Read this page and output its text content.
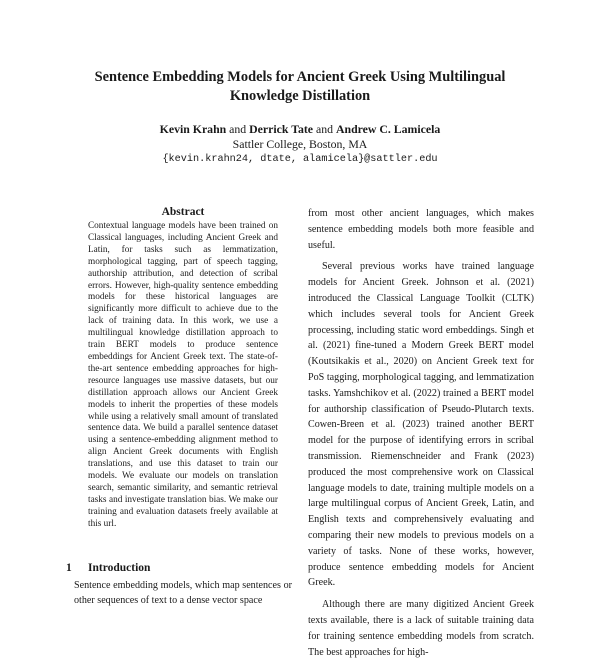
Sentence Embedding Models for Ancient Greek Using Multilingual
Knowledge Distillation
Kevin Krahn and Derrick Tate and Andrew C. Lamicela
Sattler College, Boston, MA
{kevin.krahn24, dtate, alamicela}@sattler.edu
Abstract

Contextual language models have been trained on Classical languages, including Ancient Greek and Latin, for tasks such as lemmatization, morphological tagging, part of speech tagging, authorship attribution, and detection of scribal errors. However, high-quality sentence embedding models for these historical languages are significantly more difficult to achieve due to the lack of training data. In this work, we use a multilingual knowledge distillation approach to train BERT models to produce sentence embeddings for Ancient Greek text. The state-of-the-art sentence embedding approaches for high-resource languages use massive datasets, but our distillation approach allows our Ancient Greek models to inherit the properties of these models while using a relatively small amount of translated sentence data. We build a parallel sentence dataset using a sentence-embedding alignment method to align Ancient Greek documents with English translations, and use this dataset to train our models. We evaluate our models on translation search, semantic similarity, and semantic retrieval tasks and investigate translation bias. We make our training and evaluation datasets freely available at this url.

1 Introduction

Sentence embedding models, which map sentences or other sequences of text to a dense vector space

from most other ancient languages, which makes sentence embedding models both more feasible and useful.

Several previous works have trained language models for Ancient Greek. Johnson et al. (2021) introduced the Classical Language Toolkit (CLTK) which includes several tools for Ancient Greek processing, including static word embeddings. Singh et al. (2021) fine-tuned a Modern Greek BERT model (Koutsikakis et al., 2020) on Ancient Greek text for PoS tagging, morphological tagging, and lemmatization tasks. Yamshchikov et al. (2022) trained a BERT model for authorship classification of Pseudo-Plutarch texts. Cowen-Breen et al. (2023) trained another BERT model for the purpose of identifying errors in scribal transmission. Riemenschneider and Frank (2023) produced the most comprehensive work on Classical language models to date, training multiple models on a large multilingual corpus of Ancient Greek, Latin, and English texts and comprehensively evaluating and comparing their new models to previous models on a variety of tasks. None of these works, however, produce sentence embedding models for Ancient Greek.

Although there are many digitized Ancient Greek texts available, there is a lack of suitable training data for training sentence embedding models from scratch. The best approaches for high-
